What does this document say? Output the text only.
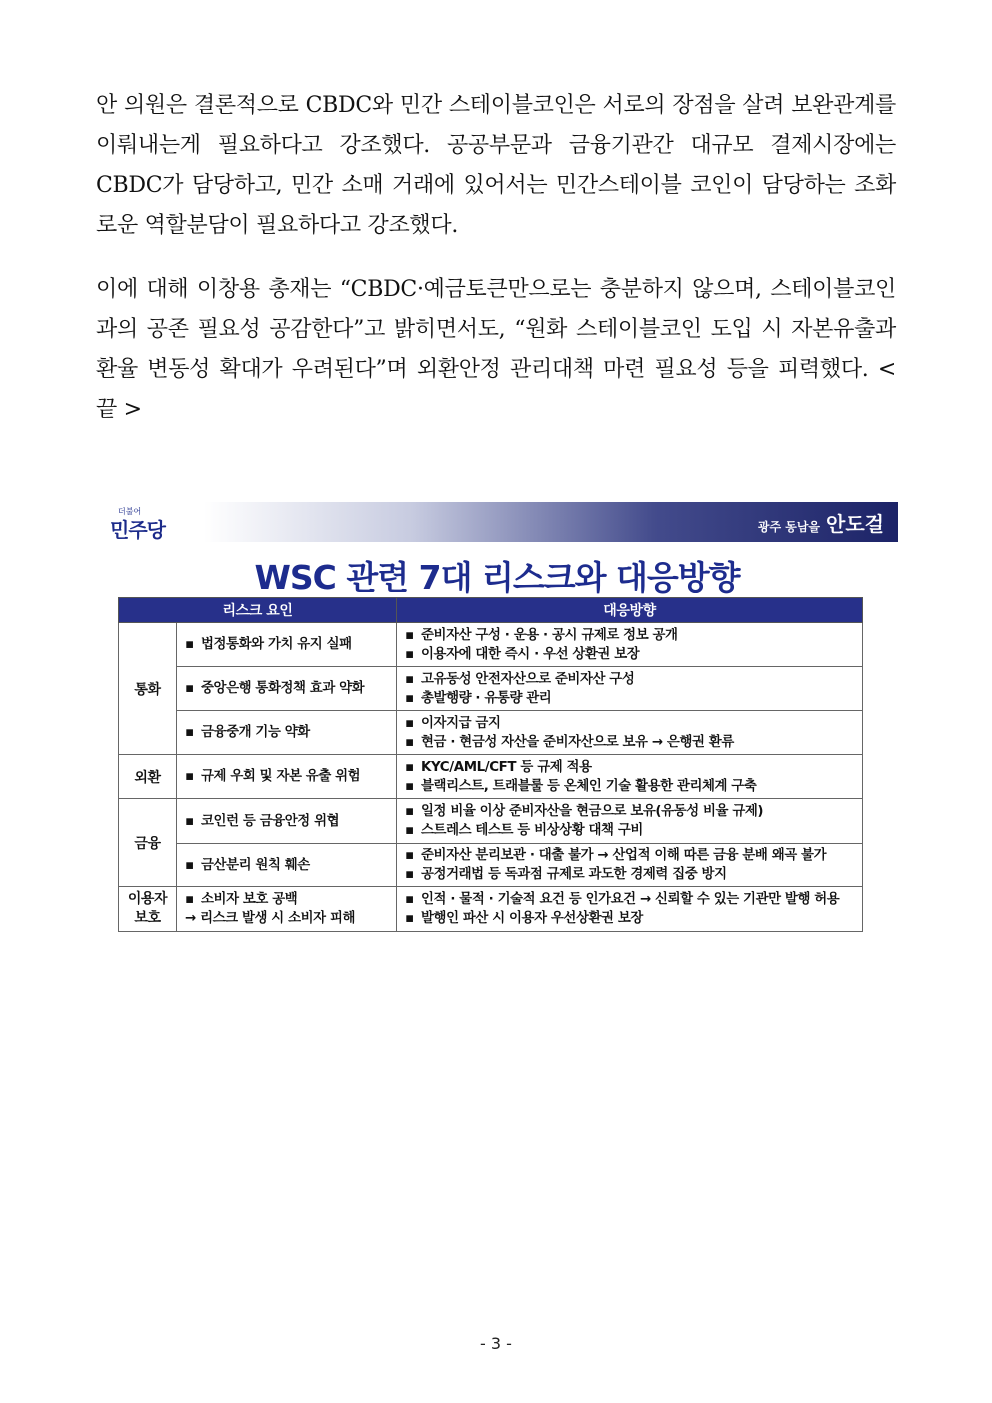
안 의원은 결론적으로 CBDC와 민간 스테이블코인은 서로의 장점을 살려 보완관계를 이뤄내는게 필요하다고 강조했다. 공공부문과 금융기관간 대규모 결제시장에는 CBDC가 담당하고, 민간 소매 거래에 있어서는 민간스테이블 코인이 담당하는 조화로운 역할분담이 필요하다고 강조했다.

이에 대해 이창용 총재는 “CBDC·예금토큰만으로는 충분하지 않으며, 스테이블코인과의 공존 필요성 공감한다”고 밝히면서도, “원화 스테이블코인 도입 시 자본유출과 환율 변동성 확대가 우려된다”며 외환안정 관리대책 마련 필요성 등을 피력했다. < 끝 >

더불어
민주당	광주 동남을 안도걸
WSC 관련 7대 리스크와 대응방향
리스크 요인		대응방향
통화	▪ 법정통화와 가치 유지 실패	▪ 준비자산 구성 · 운용 · 공시 규제로 정보 공개
▪ 이용자에 대한 즉시 · 우선 상환권 보장

	▪ 중앙은행 통화정책 효과 약화	▪ 고유동성 안전자산으로 준비자산 구성
▪ 총발행량 · 유통량 관리

	▪ 금융중개 기능 약화	▪ 이자지급 금지
▪ 현금 · 현금성 자산을 준비자산으로 보유 → 은행권 환류

외환	▪ 규제 우회 및 자본 유출 위험	▪ KYC/AML/CFT 등 규제 적용
▪ 블랙리스트, 트래블룰 등 온체인 기술 활용한 관리체계 구축

금융	▪ 코인런 등 금융안정 위협	▪ 일정 비율 이상 준비자산을 현금으로 보유(유동성 비율 규제)
▪ 스트레스 테스트 등 비상상황 대책 구비

	▪ 금산분리 원칙 훼손	▪ 준비자산 분리보관 · 대출 불가 → 산업적 이해 따른 금융 분배 왜곡 불가
▪ 공정거래법 등 독과점 규제로 과도한 경제력 집중 방지

이용자 보호	▪ 소비자 보호 공백
→ 리스크 발생 시 소비자 피해	▪ 인적 · 물적 · 기술적 요건 등 인가요건 → 신뢰할 수 있는 기관만 발행 허용
▪ 발행인 파산 시 이용자 우선상환권 보장
- 3 -
